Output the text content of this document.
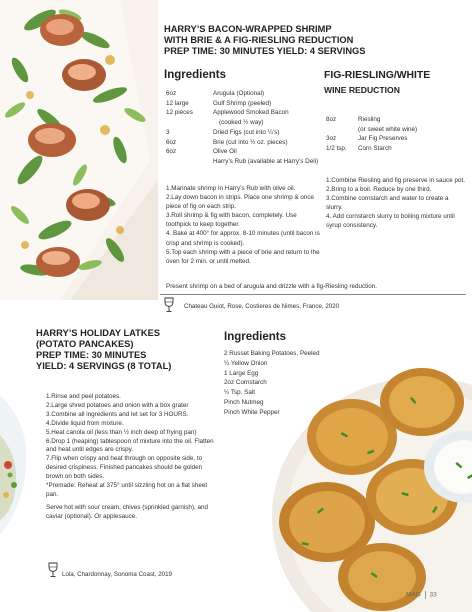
HARRY’S BACON-WRAPPED SHRIMP
WITH BRIE & A FIG-RIESLING REDUCTION
PREP TIME: 30 MINUTES YIELD: 4 SERVINGS
Ingredients
6oz	Arugula (Optional)
12 large	Gulf Shrimp (peeled)
12 pieces	Applewood Smoked Bacon
	(cooked ½ way)
3	Dried Figs (cut into ¼’s)
6oz	Brie (cut into ½ oz. pieces)
6oz	Olive Oil
	Harry’s Rub (available at Harry’s Deli)
FIG-RIESLING/WHITE
WINE REDUCTION
8oz	Riesling
	(or sweet white wine)
3oz	Jar Fig Preserves
1/2 tsp.	Corn Starch

1.Marinate shrimp in Harry’s Rub with olive oil.

2.Lay down bacon in strips. Place one shrimp & once piece of fig on each strip.

3.Roll shrimp & fig with bacon, completely. Use toothpick to keep together.

4. Bake at 400° for approx. 8-10 minutes (until bacon is crisp and shrimp is cooked).

5.Top each shrimp with a piece of brie and return to the oven for 2 min. or until melted.

1.Combine Riesling and fig preserve in sauce pot.

2.Bring to a boil. Reduce by one third.

3.Combine cornstarch and water to create a slurry.

4. Add cornstarch slurry to boiling mixture until syrup consistency.

Present shrimp on a bed of arugula and drizzle with a fig-Riesling reduction.
Chateau Guiot, Rose, Costieres de Nimes, France, 2020
HARRY’S HOLIDAY LATKES
(POTATO PANCAKES)
PREP TIME: 30 MINUTES
YIELD: 4 SERVINGS (8 TOTAL)

1.Rinse and peel potatoes.

2.Large shred potatoes and onion with a box grater

3.Combine all ingredients and let set for 3 HOURS.

4.Divide liquid from mixture.

5.Heat canola oil (less than ½ inch deep of frying pan)

6.Drop 1 (heaping) tablespoon of mixture into the oil. Flatten and heat until edges are crispy.

7.Flip when crispy and heat through on opposite side, to desired crispiness. Finished pancakes should be golden brown on both sides.

*Premade: Reheat at 375° until sizzling hot on a flat sheet pan.

Serve hot with sour cream, chives (sprinkled garnish), and caviar (optional). Or applesauce.

Ingredients
2 Russet Baking Potatoes, Peeled
¼ Yellow Onion
1 Large Egg
2oz Cornstarch
¼ Tsp. Salt
Pinch Nutmeg
Pinch White Pepper
Lola, Chardonnay, Sonoma Coast, 2019
MAG 33
